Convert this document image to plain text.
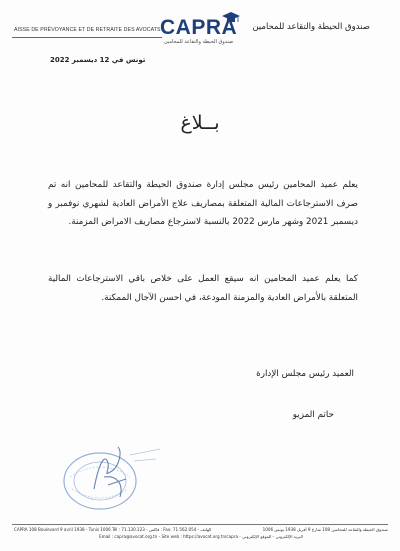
AISSE DE PRÉVOYANCE ET DE RETRAITE DES AVOCATS CAPRA
صندوق الحيطة والتقاعد للمحامين
صندوق الحيطة والتقاعد للمحامين
تونس في 12 ديسمبر 2022
بــلاغ
يعلم عميد المحامين رئيس مجلس إدارة صندوق الحيطة والتقاعد للمحامين انه تم صرف الاسترجاعات المالية المتعلقة بمصاريف علاج الأمراض العادية لشهري نوفمبر و ديسمبر 2021 وشهر مارس 2022 بالنسبة لاسترجاع مصاريف الامراض المزمنة.
كما يعلم عميد المحامين انه سيقع العمل على خلاص باقي الاسترجاعات المالية المتعلقة بالأمراض العادية والمزمنة المودعة، في احسن الآجال الممكنة.
العميد رئيس مجلس الإدارة
حاتم المزيو
CAPRA 108 Boulevard 9 avril 1938 - Tunis 1006 Tél : 71.130.123 - فاكس : Fax: 71.562.054 - الهاتف	صندوق الحيطة والتقاعد للمحامين 108 شارع 9 أفريل 1938 تونس 1006
Email : capra@avocat.org.tn - Site web : https://avocat.org.tn/capra - البريد الإلكتروني - الموقع الإلكتروني
